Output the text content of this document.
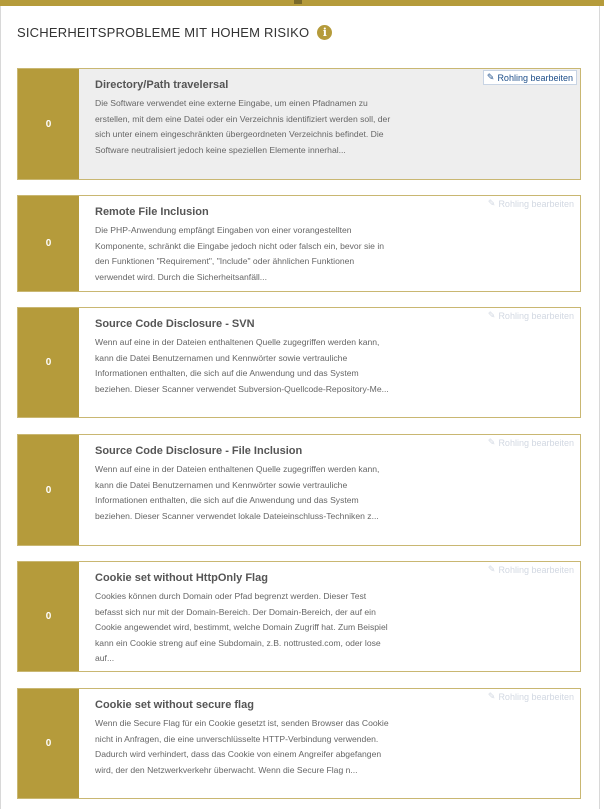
SICHERHEITSPROBLEME MIT HOHEM RISIKO	i
0
Directory/Path travelersal
Die Software verwendet eine externe Eingabe, um einen Pfadnamen zu erstellen, mit dem eine Datei oder ein Verzeichnis identifiziert werden soll, der sich unter einem eingeschränkten übergeordneten Verzeichnis befindet. Die Software neutralisiert jedoch keine speziellen Elemente innerhal...
✎ Rohling bearbeiten
0
Remote File Inclusion
Die PHP-Anwendung empfängt Eingaben von einer vorangestellten Komponente, schränkt die Eingabe jedoch nicht oder falsch ein, bevor sie in den Funktionen "Requirement", "Include" oder ähnlichen Funktionen verwendet wird. Durch die Sicherheitsanfäll...
✎ Rohling bearbeiten
0
Source Code Disclosure - SVN
Wenn auf eine in der Dateien enthaltenen Quelle zugegriffen werden kann, kann die Datei Benutzernamen und Kennwörter sowie vertrauliche Informationen enthalten, die sich auf die Anwendung und das System beziehen. Dieser Scanner verwendet Subversion-Quellcode-Repository-Me...
✎ Rohling bearbeiten
0
Source Code Disclosure - File Inclusion
Wenn auf eine in der Dateien enthaltenen Quelle zugegriffen werden kann, kann die Datei Benutzernamen und Kennwörter sowie vertrauliche Informationen enthalten, die sich auf die Anwendung und das System beziehen. Dieser Scanner verwendet lokale Dateieinschluss-Techniken z...
✎ Rohling bearbeiten
0
Cookie set without HttpOnly Flag
Cookies können durch Domain oder Pfad begrenzt werden. Dieser Test befasst sich nur mit der Domain-Bereich. Der Domain-Bereich, der auf ein Cookie angewendet wird, bestimmt, welche Domain Zugriff hat. Zum Beispiel kann ein Cookie streng auf eine Subdomain, z.B. nottrusted.com, oder lose auf...
✎ Rohling bearbeiten
0
Cookie set without secure flag
Wenn die Secure Flag für ein Cookie gesetzt ist, senden Browser das Cookie nicht in Anfragen, die eine unverschlüsselte HTTP-Verbindung verwenden. Dadurch wird verhindert, dass das Cookie von einem Angreifer abgefangen wird, der den Netzwerkverkehr überwacht. Wenn die Secure Flag n...
✎ Rohling bearbeiten
